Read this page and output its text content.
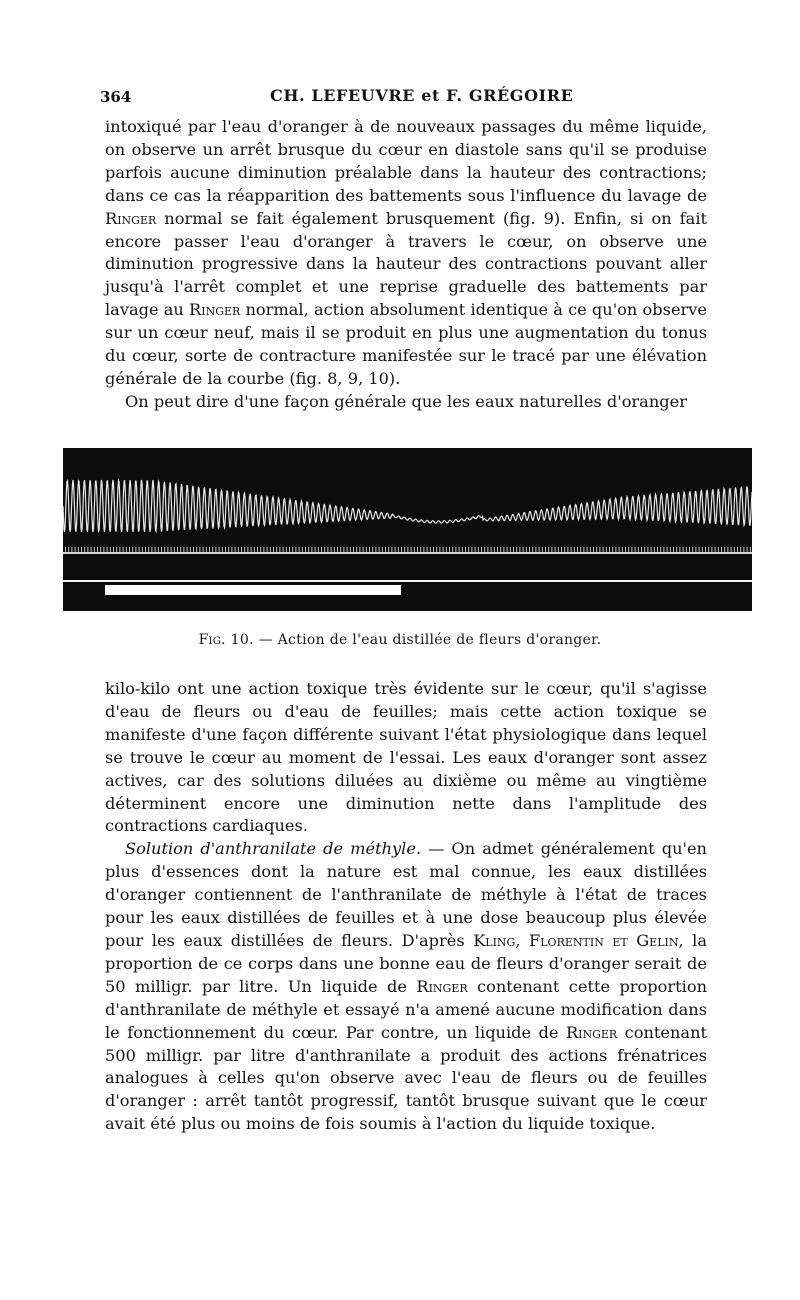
364	CH. LEFEUVRE et F. GRÉGOIRE

intoxiqué par l'eau d'oranger à de nouveaux passages du même liquide, on observe un arrêt brusque du cœur en diastole sans qu'il se produise parfois aucune diminution préalable dans la hauteur des contractions; dans ce cas la réapparition des battements sous l'influence du lavage de Ringer normal se fait également brusquement (fig. 9). Enfin, si on fait encore passer l'eau d'oranger à travers le cœur, on observe une diminution progressive dans la hauteur des contractions pouvant aller jusqu'à l'arrêt complet et une reprise graduelle des battements par lavage au Ringer normal, action absolument identique à ce qu'on observe sur un cœur neuf, mais il se produit en plus une augmentation du tonus du cœur, sorte de contracture manifestée sur le tracé par une élévation générale de la courbe (fig. 8, 9, 10).

On peut dire d'une façon générale que les eaux naturelles d'oranger

Fig. 10. — Action de l'eau distillée de fleurs d'oranger.

kilo-kilo ont une action toxique très évidente sur le cœur, qu'il s'agisse d'eau de fleurs ou d'eau de feuilles; mais cette action toxique se manifeste d'une façon différente suivant l'état physiologique dans lequel se trouve le cœur au moment de l'essai. Les eaux d'oranger sont assez actives, car des solutions diluées au dixième ou même au vingtième déterminent encore une diminution nette dans l'amplitude des contractions cardiaques.

Solution d'anthranilate de méthyle. — On admet généralement qu'en plus d'essences dont la nature est mal connue, les eaux distillées d'oranger contiennent de l'anthranilate de méthyle à l'état de traces pour les eaux distillées de feuilles et à une dose beaucoup plus élevée pour les eaux distillées de fleurs. D'après Kling, Florentin et Gelin, la proportion de ce corps dans une bonne eau de fleurs d'oranger serait de 50 milligr. par litre. Un liquide de Ringer contenant cette proportion d'anthranilate de méthyle et essayé n'a amené aucune modification dans le fonctionnement du cœur. Par contre, un liquide de Ringer contenant 500 milligr. par litre d'anthranilate a produit des actions frénatrices analogues à celles qu'on observe avec l'eau de fleurs ou de feuilles d'oranger : arrêt tantôt progressif, tantôt brusque suivant que le cœur avait été plus ou moins de fois soumis à l'action du liquide toxique.
